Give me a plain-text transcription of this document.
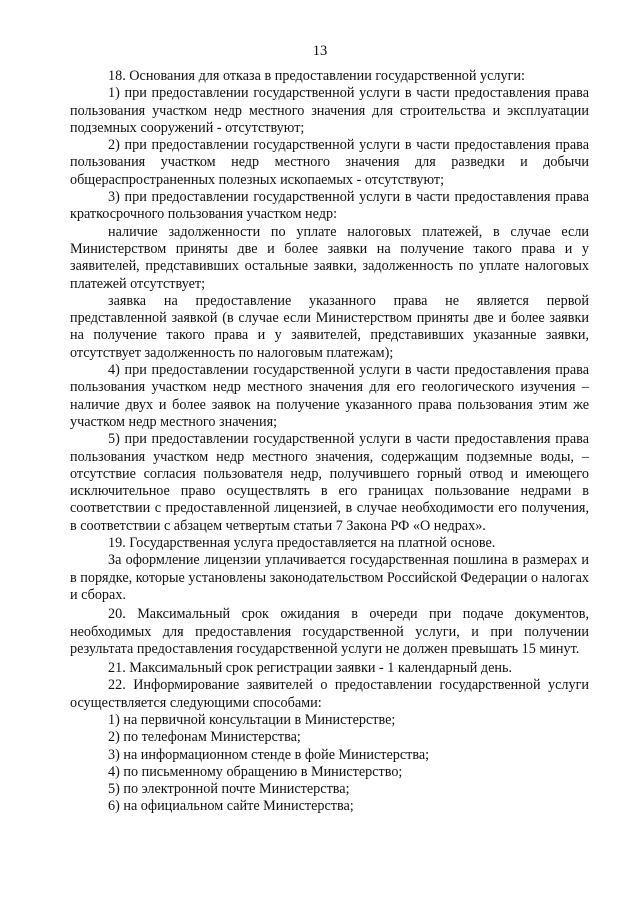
13

18. Основания для отказа в предоставлении государственной услуги:

1) при предоставлении государственной услуги в части предоставления права пользования участком недр местного значения для строительства и эксплуатации подземных сооружений - отсутствуют;

2) при предоставлении государственной услуги в части предоставления права пользования участком недр местного значения для разведки и добычи общераспространенных полезных ископаемых - отсутствуют;

3) при предоставлении государственной услуги в части предоставления права краткосрочного пользования участком недр:

наличие задолженности по уплате налоговых платежей, в случае если Министерством приняты две и более заявки на получение такого права и у заявителей, представивших остальные заявки, задолженность по уплате налоговых платежей отсутствует;

заявка на предоставление указанного права не является первой представленной заявкой (в случае если Министерством приняты две и более заявки на получение такого права и у заявителей, представивших указанные заявки, отсутствует задолженность по налоговым платежам);

4) при предоставлении государственной услуги в части предоставления права пользования участком недр местного значения для его геологического изучения – наличие двух и более заявок на получение указанного права пользования этим же участком недр местного значения;

5) при предоставлении государственной услуги в части предоставления права пользования участком недр местного значения, содержащим подземные воды, – отсутствие согласия пользователя недр, получившего горный отвод и имеющего исключительное право осуществлять в его границах пользование недрами в соответствии с предоставленной лицензией, в случае необходимости его получения, в соответствии с абзацем четвертым статьи 7 Закона РФ «О недрах».

19. Государственная услуга предоставляется на платной основе.

За оформление лицензии уплачивается государственная пошлина в размерах и в порядке, которые установлены законодательством Российской Федерации о налогах и сборах.

20. Максимальный срок ожидания в очереди при подаче документов, необходимых для предоставления государственной услуги, и при получении результата предоставления государственной услуги не должен превышать 15 минут.

21. Максимальный срок регистрации заявки - 1 календарный день.

22. Информирование заявителей о предоставлении государственной услуги осуществляется следующими способами:

1) на первичной консультации в Министерстве;

2) по телефонам Министерства;

3) на информационном стенде в фойе Министерства;

4) по письменному обращению в Министерство;

5) по электронной почте Министерства;

6) на официальном сайте Министерства;
